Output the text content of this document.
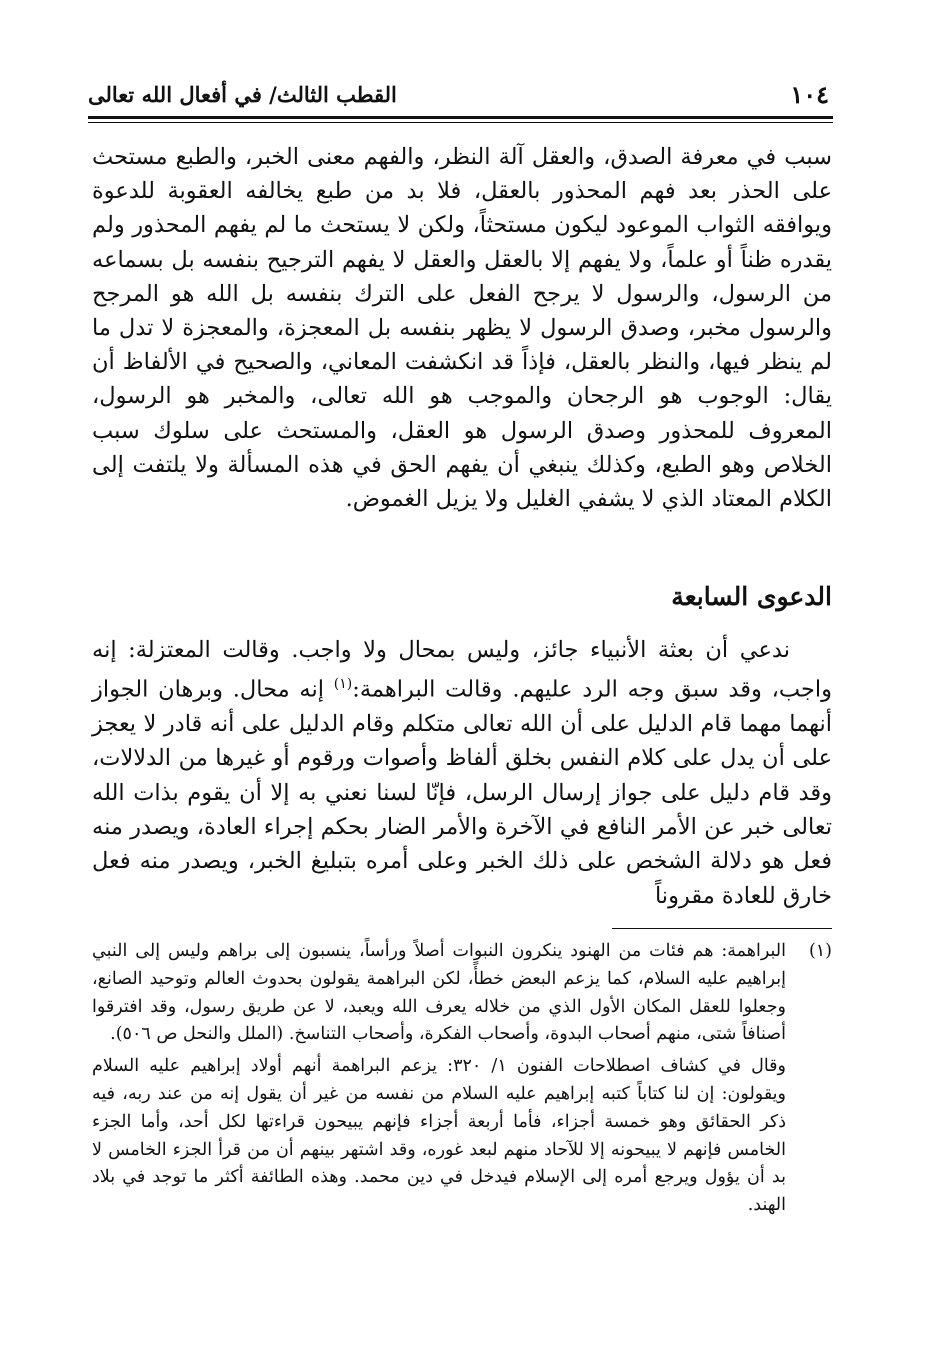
١٠٤
القطب الثالث/ في أفعال الله تعالى

سبب في معرفة الصدق، والعقل آلة النظر، والفهم معنى الخبر، والطبع مستحث على الحذر بعد فهم المحذور بالعقل، فلا بد من طبع يخالفه العقوبة للدعوة ويوافقه الثواب الموعود ليكون مستحثاً، ولكن لا يستحث ما لم يفهم المحذور ولم يقدره ظناً أو علماً، ولا يفهم إلا بالعقل والعقل لا يفهم الترجيح بنفسه بل بسماعه من الرسول، والرسول لا يرجح الفعل على الترك بنفسه بل الله هو المرجح والرسول مخبر، وصدق الرسول لا يظهر بنفسه بل المعجزة، والمعجزة لا تدل ما لم ينظر فيها، والنظر بالعقل، فإذاً قد انكشفت المعاني، والصحيح في الألفاظ أن يقال: الوجوب هو الرجحان والموجب هو الله تعالى، والمخبر هو الرسول، المعروف للمحذور وصدق الرسول هو العقل، والمستحث على سلوك سبب الخلاص وهو الطبع، وكذلك ينبغي أن يفهم الحق في هذه المسألة ولا يلتفت إلى الكلام المعتاد الذي لا يشفي الغليل ولا يزيل الغموض.

الدعوى السابعة

ندعي أن بعثة الأنبياء جائز، وليس بمحال ولا واجب. وقالت المعتزلة: إنه واجب، وقد سبق وجه الرد عليهم. وقالت البراهمة:$^{(١)}$ إنه محال. وبرهان الجواز أنهما مهما قام الدليل على أن الله تعالى متكلم وقام الدليل على أنه قادر لا يعجز على أن يدل على كلام النفس بخلق ألفاظ وأصوات ورقوم أو غيرها من الدلالات، وقد قام دليل على جواز إرسال الرسل، فإنّا لسنا نعني به إلا أن يقوم بذات الله تعالى خبر عن الأمر النافع في الآخرة والأمر الضار بحكم إجراء العادة، ويصدر منه فعل هو دلالة الشخص على ذلك الخبر وعلى أمره بتبليغ الخبر، ويصدر منه فعل خارق للعادة مقروناً

(١)
البراهمة: هم فئات من الهنود ينكرون النبوات أصلاً ورأساً، ينسبون إلى براهم وليس إلى النبي إبراهيم عليه السلام، كما يزعم البعض خطأً، لكن البراهمة يقولون بحدوث العالم وتوحيد الصانع، وجعلوا للعقل المكان الأول الذي من خلاله يعرف الله ويعبد، لا عن طريق رسول، وقد افترقوا أصنافاً شتى، منهم أصحاب البدوة، وأصحاب الفكرة، وأصحاب التناسخ. (الملل والنحل ص ٥٠٦).

وقال في كشاف اصطلاحات الفنون ١/ ٣٢٠: يزعم البراهمة أنهم أولاد إبراهيم عليه السلام ويقولون: إن لنا كتاباً كتبه إبراهيم عليه السلام من نفسه من غير أن يقول إنه من عند ربه، فيه ذكر الحقائق وهو خمسة أجزاء، فأما أربعة أجزاء فإنهم يبيحون قراءتها لكل أحد، وأما الجزء الخامس فإنهم لا يبيحونه إلا للآحاد منهم لبعد غوره، وقد اشتهر بينهم أن من قرأ الجزء الخامس لا بد أن يؤول ويرجع أمره إلى الإسلام فيدخل في دين محمد. وهذه الطائفة أكثر ما توجد في بلاد الهند.
